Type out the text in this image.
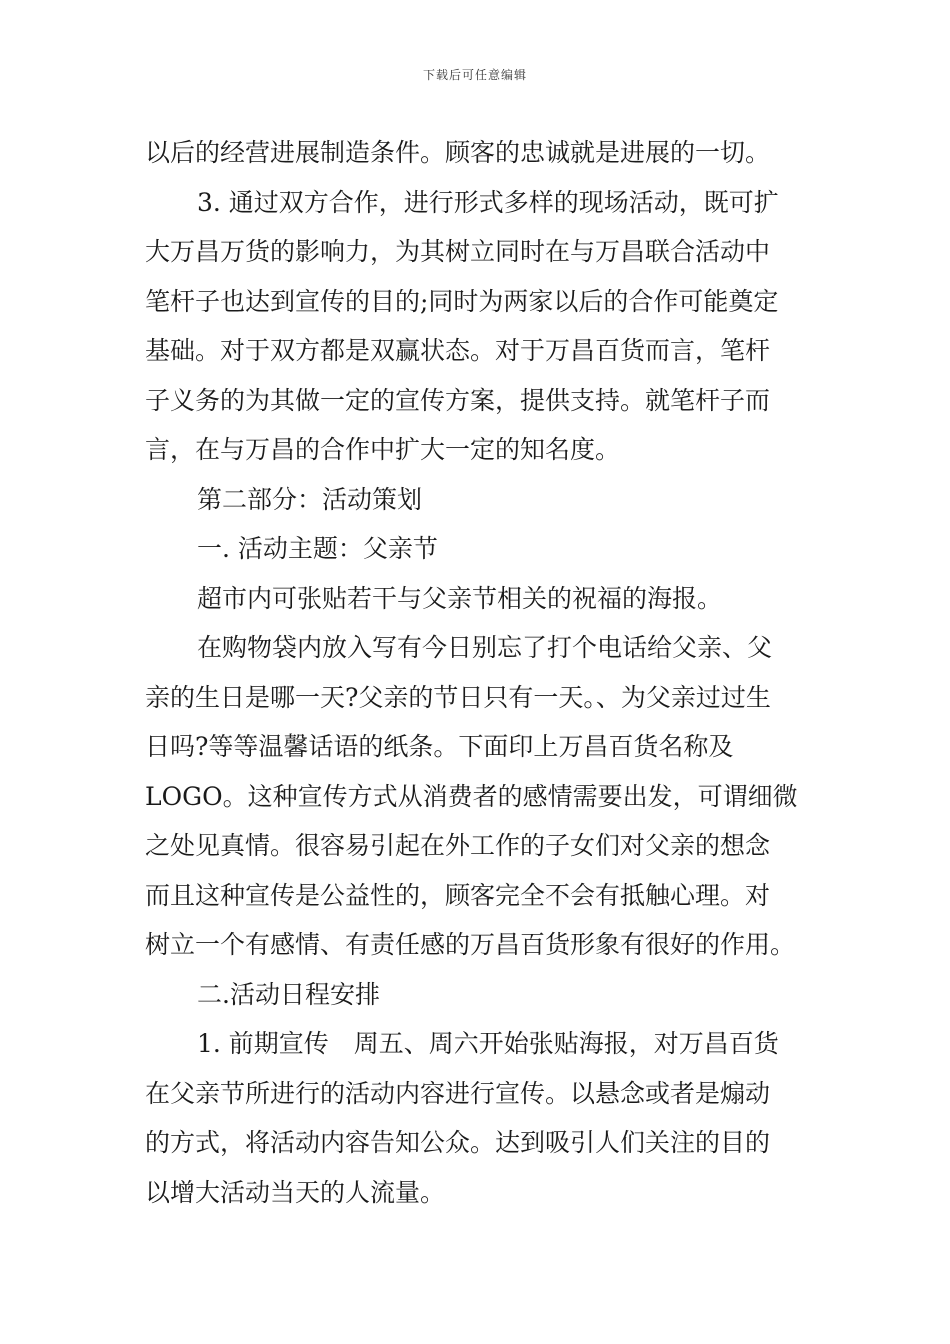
下载后可任意编辑
以后的经营进展制造条件。顾客的忠诚就是进展的一切。
3. 通过双方合作，进行形式多样的现场活动，既可扩
大万昌万货的影响力，为其树立同时在与万昌联合活动中
笔杆子也达到宣传的目的;同时为两家以后的合作可能奠定
基础。对于双方都是双赢状态。对于万昌百货而言，笔杆
子义务的为其做一定的宣传方案，提供支持。就笔杆子而
言，在与万昌的合作中扩大一定的知名度。
第二部分：活动策划
一. 活动主题：父亲节
超市内可张贴若干与父亲节相关的祝福的海报。
在购物袋内放入写有今日别忘了打个电话给父亲、父
亲的生日是哪一天?父亲的节日只有一天。、为父亲过过生
日吗?等等温馨话语的纸条。下面印上万昌百货名称及
LOGO。这种宣传方式从消费者的感情需要出发，可谓细微
之处见真情。很容易引起在外工作的子女们对父亲的想念
而且这种宣传是公益性的，顾客完全不会有抵触心理。对
树立一个有感情、有责任感的万昌百货形象有很好的作用。
二.活动日程安排
1. 前期宣传　周五、周六开始张贴海报，对万昌百货
在父亲节所进行的活动内容进行宣传。以悬念或者是煽动
的方式，将活动内容告知公众。达到吸引人们关注的目的
以增大活动当天的人流量。
